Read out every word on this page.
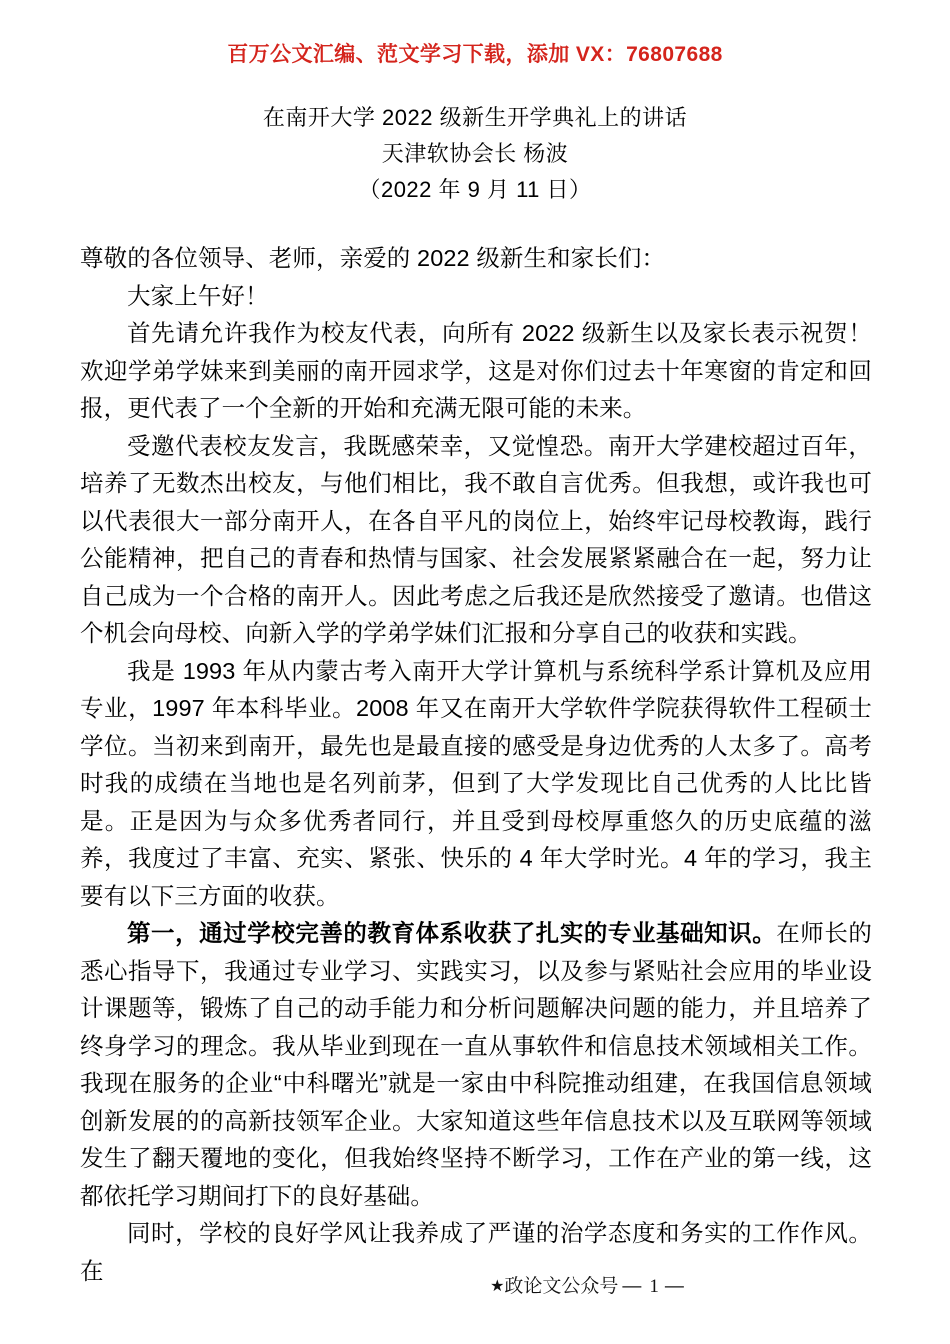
百万公文汇编、范文学习下载，添加 VX：76807688
在南开大学 2022 级新生开学典礼上的讲话
天津软协会长 杨波
（2022 年 9 月 11 日）

尊敬的各位领导、老师，亲爱的 2022 级新生和家长们：

大家上午好！

首先请允许我作为校友代表，向所有 2022 级新生以及家长表示祝贺！欢迎学弟学妹来到美丽的南开园求学，这是对你们过去十年寒窗的肯定和回报，更代表了一个全新的开始和充满无限可能的未来。

受邀代表校友发言，我既感荣幸，又觉惶恐。南开大学建校超过百年，培养了无数杰出校友，与他们相比，我不敢自言优秀。但我想，或许我也可以代表很大一部分南开人，在各自平凡的岗位上，始终牢记母校教诲，践行公能精神，把自己的青春和热情与国家、社会发展紧紧融合在一起，努力让自己成为一个合格的南开人。因此考虑之后我还是欣然接受了邀请。也借这个机会向母校、向新入学的学弟学妹们汇报和分享自己的收获和实践。

我是 1993 年从内蒙古考入南开大学计算机与系统科学系计算机及应用专业，1997 年本科毕业。2008 年又在南开大学软件学院获得软件工程硕士学位。当初来到南开，最先也是最直接的感受是身边优秀的人太多了。高考时我的成绩在当地也是名列前茅，但到了大学发现比自己优秀的人比比皆是。正是因为与众多优秀者同行，并且受到母校厚重悠久的历史底蕴的滋养，我度过了丰富、充实、紧张、快乐的 4 年大学时光。4 年的学习，我主要有以下三方面的收获。

第一，通过学校完善的教育体系收获了扎实的专业基础知识。在师长的悉心指导下，我通过专业学习、实践实习，以及参与紧贴社会应用的毕业设计课题等，锻炼了自己的动手能力和分析问题解决问题的能力，并且培养了终身学习的理念。我从毕业到现在一直从事软件和信息技术领域相关工作。我现在服务的企业“中科曙光”就是一家由中科院推动组建，在我国信息领域创新发展的的高新技领军企业。大家知道这些年信息技术以及互联网等领域发生了翻天覆地的变化，但我始终坚持不断学习，工作在产业的第一线，这都依托学习期间打下的良好基础。

同时，学校的良好学风让我养成了严谨的治学态度和务实的工作作风。在

★政论文公众号 — 1 —
